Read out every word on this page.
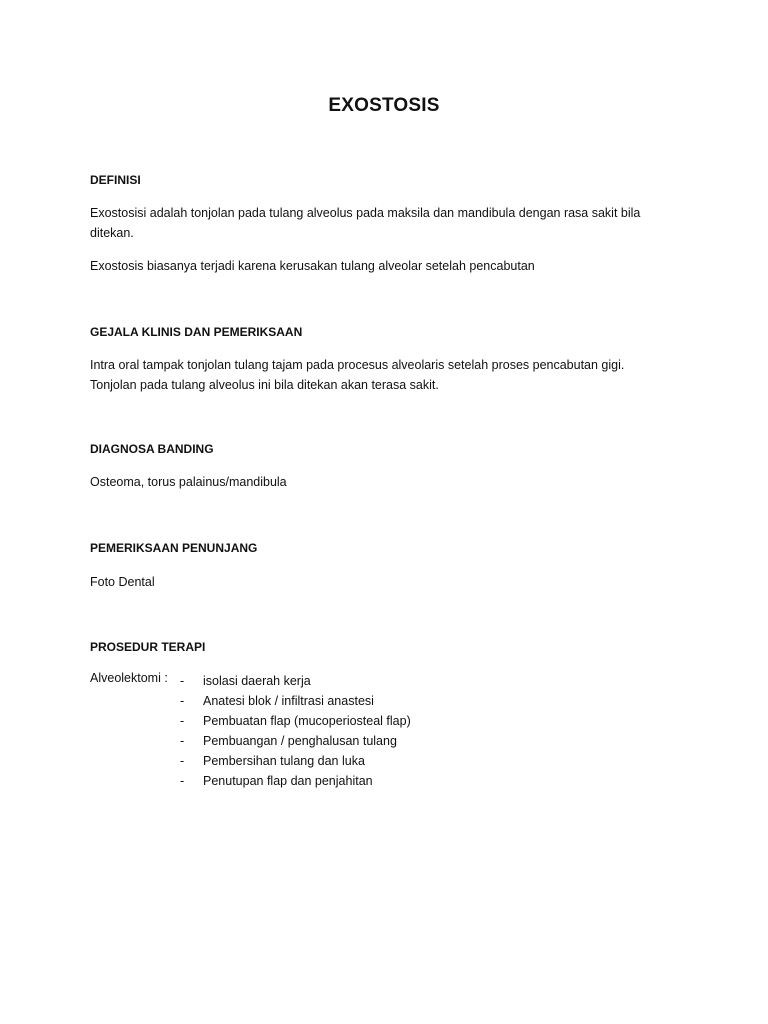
EXOSTOSIS
DEFINISI

Exostosisi adalah tonjolan pada tulang alveolus pada maksila dan mandibula dengan rasa sakit bila ditekan.

Exostosis biasanya terjadi karena kerusakan tulang alveolar setelah pencabutan

GEJALA KLINIS DAN PEMERIKSAAN

Intra oral tampak tonjolan tulang tajam pada procesus alveolaris setelah proses pencabutan gigi. Tonjolan pada tulang alveolus ini bila ditekan akan terasa sakit.

DIAGNOSA BANDING

Osteoma, torus palainus/mandibula

PEMERIKSAAN PENUNJANG

Foto Dental

PROSEDUR TERAPI
Alveolektomi : - isolasi daerah kerja
- Anatesi blok / infiltrasi anastesi
- Pembuatan flap (mucoperiosteal flap)
- Pembuangan / penghalusan tulang
- Pembersihan tulang dan luka
- Penutupan flap dan penjahitan
